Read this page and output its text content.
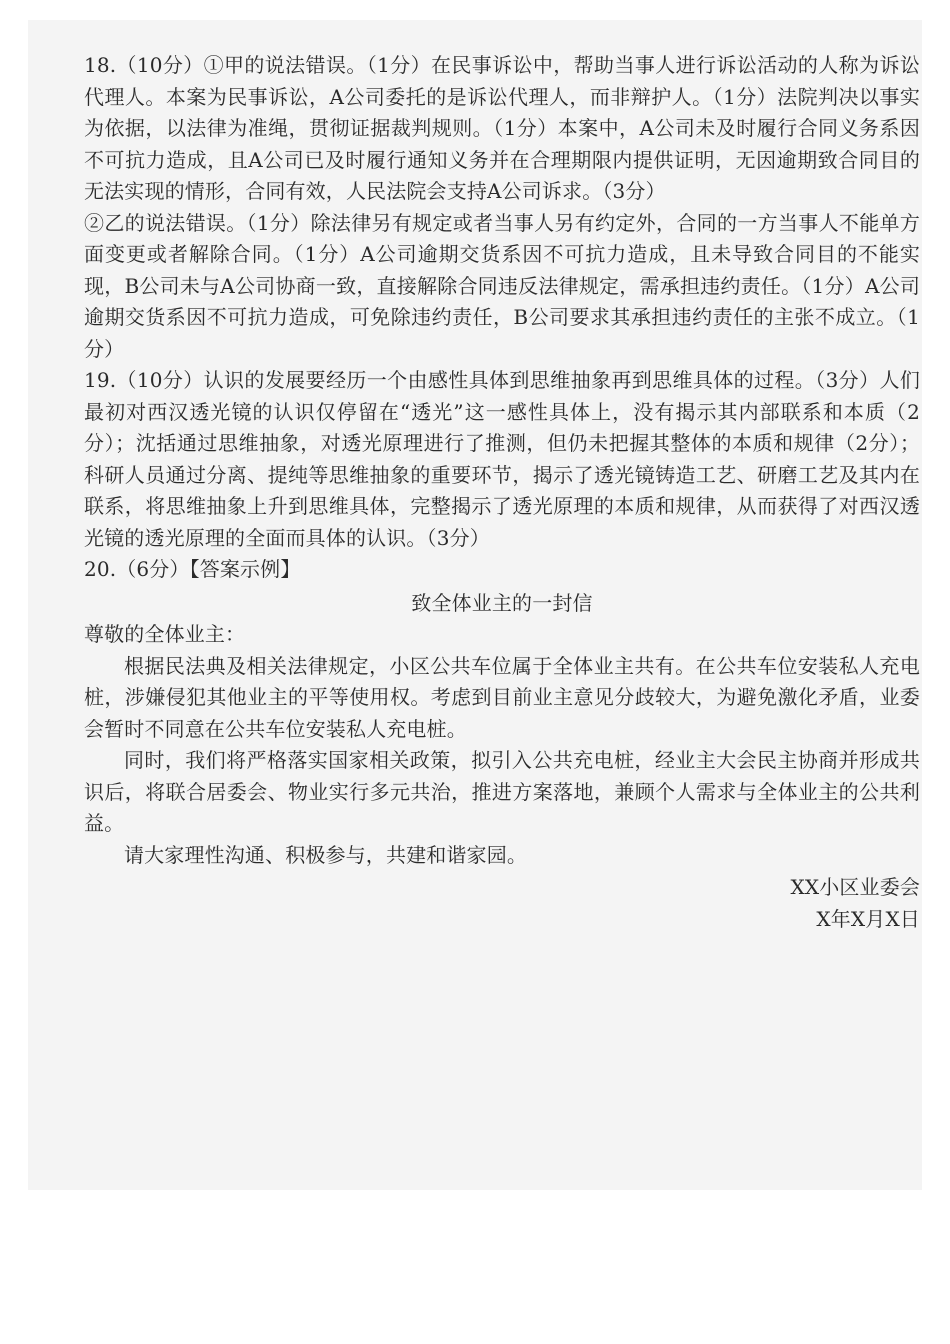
18.（10分）①甲的说法错误。（1分）在民事诉讼中，帮助当事人进行诉讼活动的人称为诉讼代理人。本案为民事诉讼，A公司委托的是诉讼代理人，而非辩护人。（1分）法院判决以事实为依据，以法律为准绳，贯彻证据裁判规则。（1分）本案中，A公司未及时履行合同义务系因不可抗力造成，且A公司已及时履行通知义务并在合理期限内提供证明，无因逾期致合同目的无法实现的情形，合同有效，人民法院会支持A公司诉求。（3分）

②乙的说法错误。（1分）除法律另有规定或者当事人另有约定外，合同的一方当事人不能单方面变更或者解除合同。（1分）A公司逾期交货系因不可抗力造成，且未导致合同目的不能实现，B公司未与A公司协商一致，直接解除合同违反法律规定，需承担违约责任。（1分）A公司逾期交货系因不可抗力造成，可免除违约责任，B公司要求其承担违约责任的主张不成立。（1分）

19.（10分）认识的发展要经历一个由感性具体到思维抽象再到思维具体的过程。（3分）人们最初对西汉透光镜的认识仅停留在“透光”这一感性具体上，没有揭示其内部联系和本质（2分）；沈括通过思维抽象，对透光原理进行了推测，但仍未把握其整体的本质和规律（2分）；科研人员通过分离、提纯等思维抽象的重要环节，揭示了透光镜铸造工艺、研磨工艺及其内在联系，将思维抽象上升到思维具体，完整揭示了透光原理的本质和规律，从而获得了对西汉透光镜的透光原理的全面而具体的认识。（3分）

20.（6分）【答案示例】

致全体业主的一封信

尊敬的全体业主：

根据民法典及相关法律规定，小区公共车位属于全体业主共有。在公共车位安装私人充电桩，涉嫌侵犯其他业主的平等使用权。考虑到目前业主意见分歧较大，为避免激化矛盾，业委会暂时不同意在公共车位安装私人充电桩。

同时，我们将严格落实国家相关政策，拟引入公共充电桩，经业主大会民主协商并形成共识后，将联合居委会、物业实行多元共治，推进方案落地，兼顾个人需求与全体业主的公共利益。

请大家理性沟通、积极参与，共建和谐家园。

XX小区业委会

X年X月X日
